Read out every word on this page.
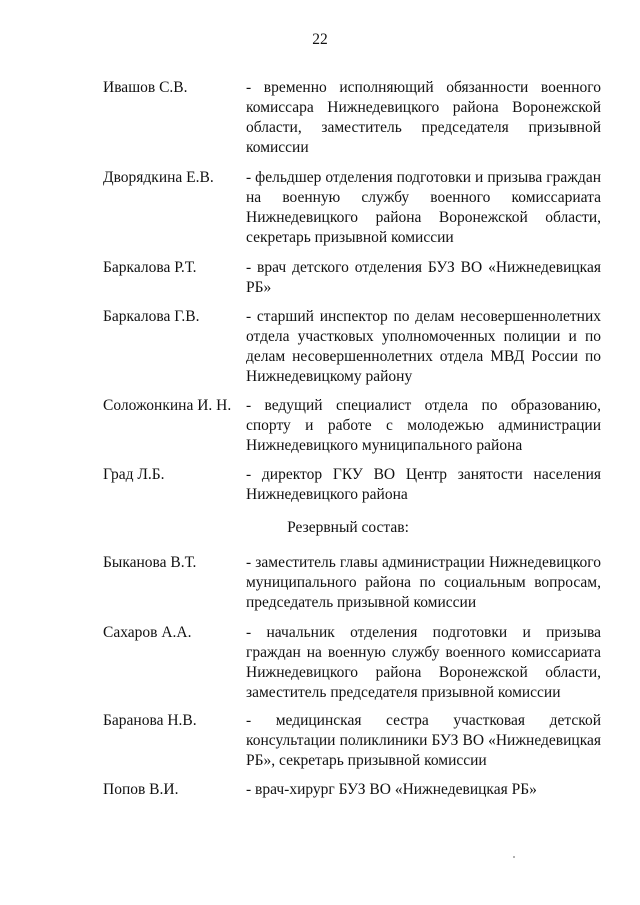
22
Ивашов С.В.	- временно исполняющий обязанности военного комиссара Нижнедевицкого района Воронежской области, заместитель председателя призывной комиссии
Дворядкина Е.В. - фельдшер отделения подготовки и призыва граждан на военную службу военного комиссариата Нижнедевицкого района Воронежской области, секретарь призывной комиссии
Баркалова Р.Т.	- врач детского отделения БУЗ ВО «Нижнедевицкая РБ»
Баркалова Г.В.	- старший инспектор по делам несовершеннолетних отдела участковых уполномоченных полиции и по делам несовершеннолетних отдела МВД России по Нижнедевицкому району
Соложонкина И. Н. - ведущий специалист отдела по образованию, спорту и работе с молодежью администрации Нижнедевицкого муниципального района
Град Л.Б.	- директор ГКУ ВО Центр занятости населения Нижнедевицкого района
Резервный состав:
Быканова В.Т.	- заместитель главы администрации Нижнедевицкого муниципального района по социальным вопросам, председатель призывной комиссии
Сахаров А.А.	- начальник отделения подготовки и призыва граждан на военную службу военного комиссариата Нижнедевицкого района Воронежской области, заместитель председателя призывной комиссии
Баранова Н.В.	- медицинская сестра участковая детской консультации поликлиники БУЗ ВО «Нижнедевицкая РБ», секретарь призывной комиссии
Попов В.И.	- врач-хирург БУЗ ВО «Нижнедевицкая РБ»
